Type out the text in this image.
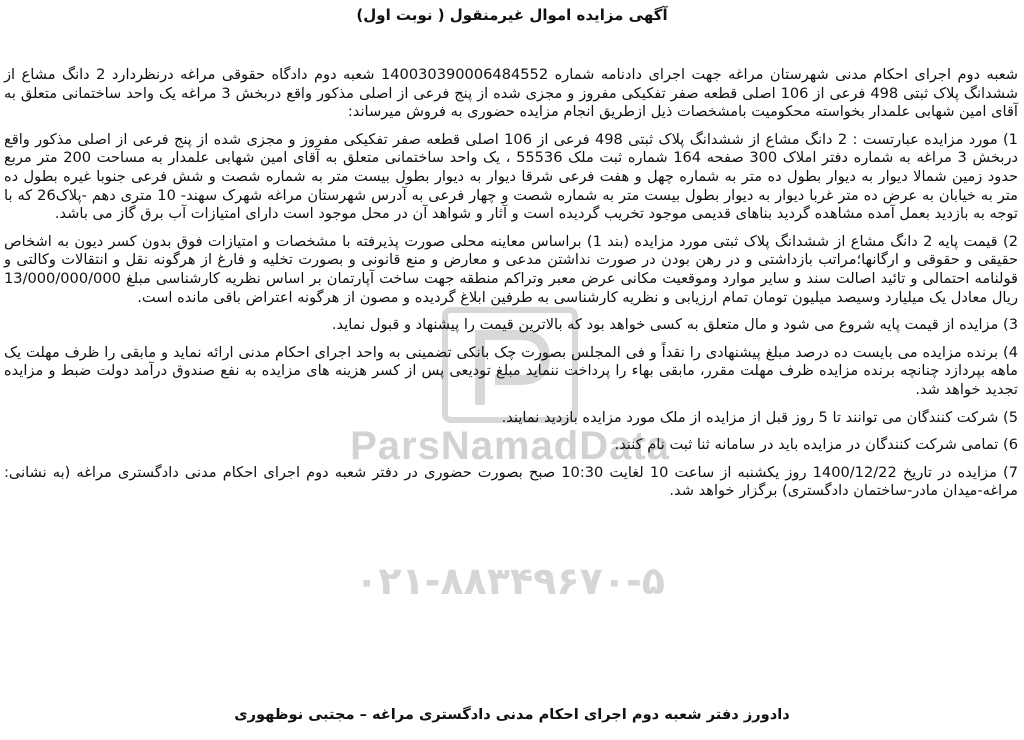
ParsNamadData
۰۲۱-۸۸۳۴۹۶۷۰-۵
آگهی مزایده اموال غیرمنقول ( نوبت اول)

شعبه دوم اجرای احکام مدنی شهرستان مراغه جهت اجرای دادنامه شماره 140030390006484552 شعبه دوم دادگاه حقوقی مراغه درنظردارد 2 دانگ مشاع از ششدانگ پلاک ثبتی 498 فرعی از 106 اصلی قطعه صفر تفکیکی مفروز و مجزی شده از پنج فرعی از اصلی مذکور واقع دربخش 3 مراغه یک واحد ساختمانی متعلق به آقای امین شهابی علمدار بخواسته محکومیت بامشخصات ذیل ازطریق انجام مزایده حضوری به فروش میرساند:

1) مورد مزایده عبارتست : 2 دانگ مشاع از ششدانگ پلاک ثبتی 498 فرعی از 106 اصلی قطعه صفر تفکیکی مفروز و مجزی شده از پنج فرعی از اصلی مذکور واقع دربخش 3 مراغه به شماره دفتر املاک 300 صفحه 164 شماره ثبت ملک 55536 ، یک واحد ساختمانی متعلق به آقای امین شهابی علمدار به مساحت 200 متر مربع حدود زمین شمالا دیوار به دیوار بطول ده متر به شماره چهل و هفت فرعی شرقا دیوار به دیوار بطول بیست متر به شماره شصت و شش فرعی جنوبا غیره بطول ده متر به خیابان به عرض ده متر غربا دیوار به دیوار بطول بیست متر به شماره شصت و چهار فرعی به آدرس شهرستان مراغه شهرک سهند- 10 متری دهم -پلاک26 که با توجه به بازدید بعمل آمده مشاهده گردید بناهای قدیمی موجود تخریب گردیده است و آثار و شواهد آن در محل موجود است دارای امتیازات آب برق گاز می باشد.

2) قیمت پایه 2 دانگ مشاع از ششدانگ پلاک ثبتی مورد مزایده (بند 1) براساس معاینه محلی صورت پذیرفته با مشخصات و امتیازات فوق بدون کسر دیون به اشخاص حقیقی و حقوقی و ارگانها؛مراتب بازداشتی و در رهن بودن در صورت نداشتن مدعی و معارض و منع قانونی و بصورت تخلیه و فارغ از هرگونه نقل و انتقالات وکالتی و قولنامه احتمالی و تائید اصالت سند و سایر موارد وموقعیت مکانی عرض معبر وتراکم منطقه جهت ساخت آپارتمان بر اساس نظریه کارشناسی مبلغ 13/000/000/000 ریال معادل یک میلیارد وسیصد میلیون تومان تمام ارزیابی و نظریه کارشناسی به طرفین ابلاغ گردیده و مصون از هرگونه اعتراض باقی مانده است.

3) مزایده از قیمت پایه شروع می شود و مال متعلق به کسی خواهد بود که بالاترین قیمت را پیشنهاد و قبول نماید.

4) برنده مزایده می بایست ده درصد مبلغ پیشنهادی را نقداً و فی المجلس بصورت چک بانکی تضمینی به واحد اجرای احکام مدنی ارائه نماید و مابقی را ظرف مهلت یک ماهه بپردازد چنانچه برنده مزایده ظرف مهلت مقرر، مابقی بهاء را پرداخت ننماید مبلغ تودیعی پس از کسر هزینه های مزایده به نفع صندوق درآمد دولت ضبط و مزایده تجدید خواهد شد.

5) شرکت کنندگان می توانند تا 5 روز قبل از مزایده از ملک مورد مزایده بازدید نمایند.

6) تمامی شرکت کنندگان در مزایده باید در سامانه ثنا ثبت نام کنند.

7) مزایده در تاریخ 1400/12/22 روز یکشنبه از ساعت 10 لغایت 10:30 صبح بصورت حضوری در دفتر شعبه دوم اجرای احکام مدنی دادگستری مراغه (به نشانی: مراغه-میدان مادر-ساختمان دادگستری) برگزار خواهد شد.

دادورز دفتر شعبه دوم اجرای احکام مدنی دادگستری مراغه – مجتبی نوظهوری
